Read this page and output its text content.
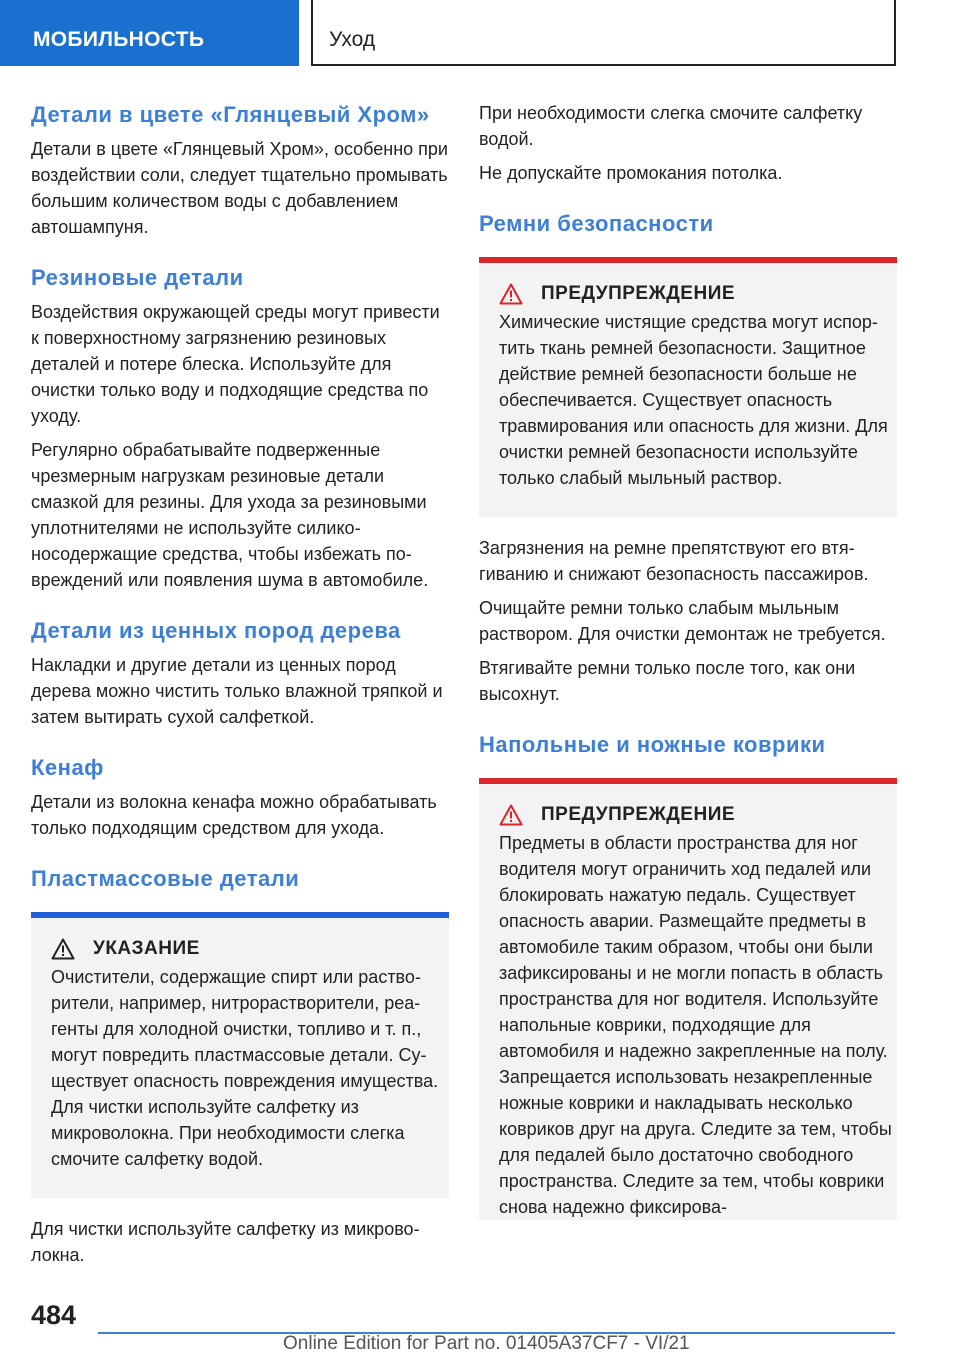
МОБИЛЬНОСТЬ	Уход
Детали в цвете «Глянцевый Хром»

Детали в цвете «Глянцевый Хром», особенно при воздействии соли, следует тщательно промывать большим количеством воды с добавлением автошампуня.

Резиновые детали

Воздействия окружающей среды могут привести к поверхностному загрязнению резиновых деталей и потере блеска. Используйте для очистки только воду и подходящие средства по уходу.

Регулярно обрабатывайте подверженные чрезмерным нагрузкам резиновые детали смазкой для резины. Для ухода за резиновыми уплотнителями не используйте силиконосодержащие средства, чтобы избежать повреждений или появления шума в автомобиле.

Детали из ценных пород дерева

Накладки и другие детали из ценных пород дерева можно чистить только влажной тряпкой и затем вытирать сухой салфеткой.

Кенаф

Детали из волокна кенафа можно обрабатывать только подходящим средством для ухода.

Пластмассовые детали
УКАЗАНИЕ

Очистители, содержащие спирт или растворители, например, нитрорастворители, реагенты для холодной очистки, топливо и т. п., могут повредить пластмассовые детали. Существует опасность повреждения имущества. Для чистки используйте салфетку из микроволокна. При необходимости слегка смочите салфетку водой.

Для чистки используйте салфетку из микроволокна.

При необходимости слегка смочите салфетку водой.

Не допускайте промокания потолка.

Ремни безопасности
ПРЕДУПРЕЖДЕНИЕ

Химические чистящие средства могут испортить ткань ремней безопасности. Защитное действие ремней безопасности больше не обеспечивается. Существует опасность травмирования или опасность для жизни. Для очистки ремней безопасности используйте только слабый мыльный раствор.

Загрязнения на ремне препятствуют его втягиванию и снижают безопасность пассажиров.

Очищайте ремни только слабым мыльным раствором. Для очистки демонтаж не требуется.

Втягивайте ремни только после того, как они высохнут.

Напольные и ножные коврики
ПРЕДУПРЕЖДЕНИЕ

Предметы в области пространства для ног водителя могут ограничить ход педалей или блокировать нажатую педаль. Существует опасность аварии. Размещайте предметы в автомобиле таким образом, чтобы они были зафиксированы и не могли попасть в область пространства для ног водителя. Используйте напольные коврики, подходящие для автомобиля и надежно закрепленные на полу. Запрещается использовать незакрепленные ножные коврики и накладывать несколько ковриков друг на друга. Следите за тем, чтобы для педалей было достаточно свободного пространства. Следите за тем, чтобы коврики снова надежно фиксирова-

484
Online Edition for Part no. 01405A37CF7 - VI/21
